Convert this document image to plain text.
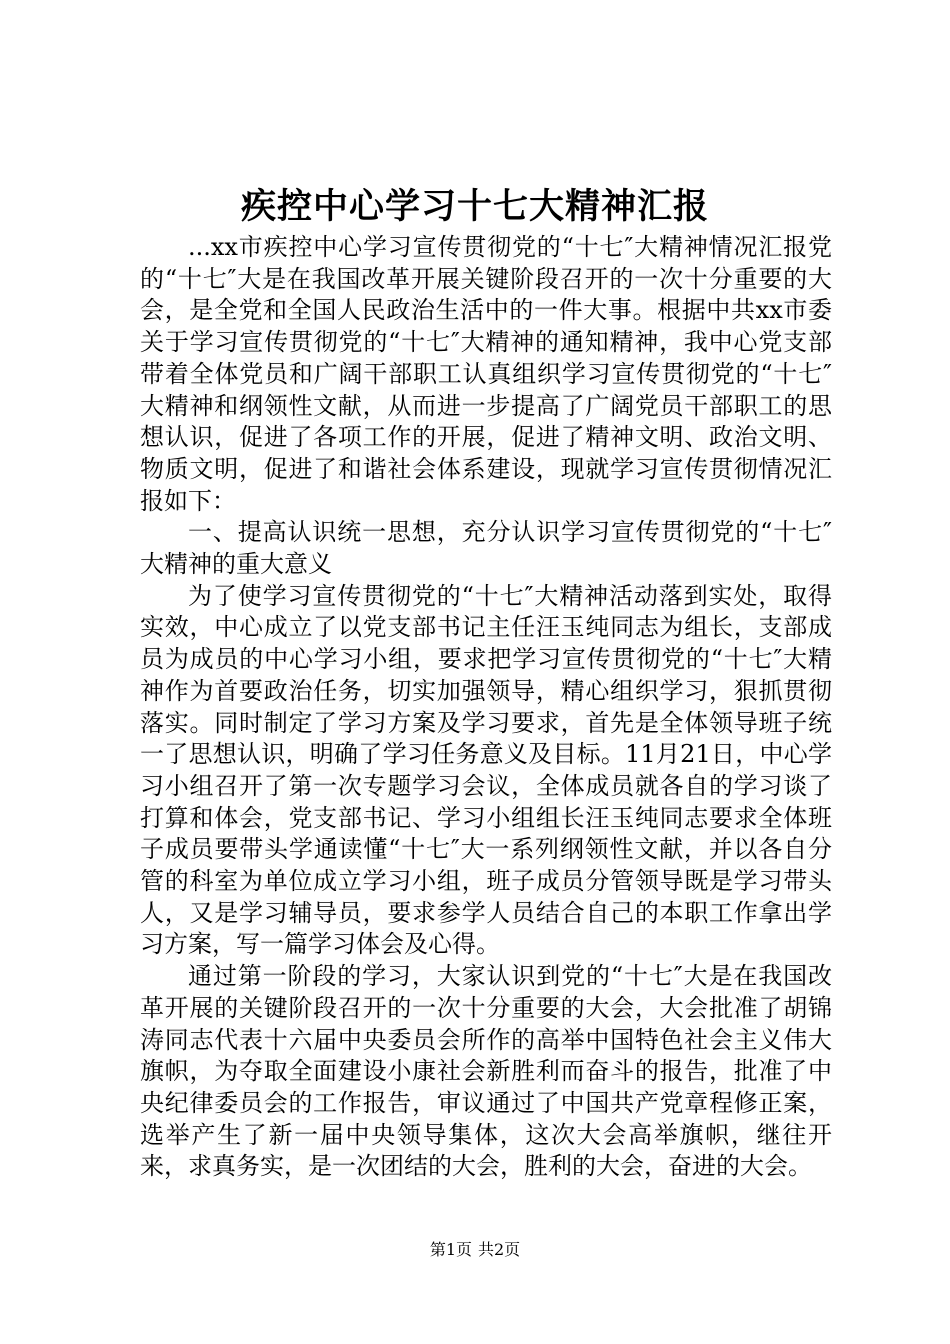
疾控中心学习十七大精神汇报

...xx市疾控中心学习宣传贯彻党的“十七″大精神情况汇报党的“十七″大是在我国改革开展关键阶段召开的一次十分重要的大会，是全党和全国人民政治生活中的一件大事。根据中共xx市委关于学习宣传贯彻党的“十七″大精神的通知精神，我中心党支部带着全体党员和广阔干部职工认真组织学习宣传贯彻党的“十七″大精神和纲领性文献，从而进一步提高了广阔党员干部职工的思想认识，促进了各项工作的开展，促进了精神文明、政治文明、物质文明，促进了和谐社会体系建设，现就学习宣传贯彻情况汇报如下：

一、提高认识统一思想，充分认识学习宣传贯彻党的“十七″大精神的重大意义

为了使学习宣传贯彻党的“十七″大精神活动落到实处，取得实效，中心成立了以党支部书记主任汪玉纯同志为组长，支部成员为成员的中心学习小组，要求把学习宣传贯彻党的“十七″大精神作为首要政治任务，切实加强领导，精心组织学习，狠抓贯彻落实。同时制定了学习方案及学习要求，首先是全体领导班子统一了思想认识，明确了学习任务意义及目标。11月21日，中心学习小组召开了第一次专题学习会议，全体成员就各自的学习谈了打算和体会，党支部书记、学习小组组长汪玉纯同志要求全体班子成员要带头学通读懂“十七″大一系列纲领性文献，并以各自分管的科室为单位成立学习小组，班子成员分管领导既是学习带头人，又是学习辅导员，要求参学人员结合自己的本职工作拿出学习方案，写一篇学习体会及心得。

通过第一阶段的学习，大家认识到党的“十七″大是在我国改革开展的关键阶段召开的一次十分重要的大会，大会批准了胡锦涛同志代表十六届中央委员会所作的高举中国特色社会主义伟大旗帜，为夺取全面建设小康社会新胜利而奋斗的报告，批准了中央纪律委员会的工作报告，审议通过了中国共产党章程修正案，选举产生了新一届中央领导集体，这次大会高举旗帜，继往开来，求真务实，是一次团结的大会，胜利的大会，奋进的大会。

第1页 共2页
